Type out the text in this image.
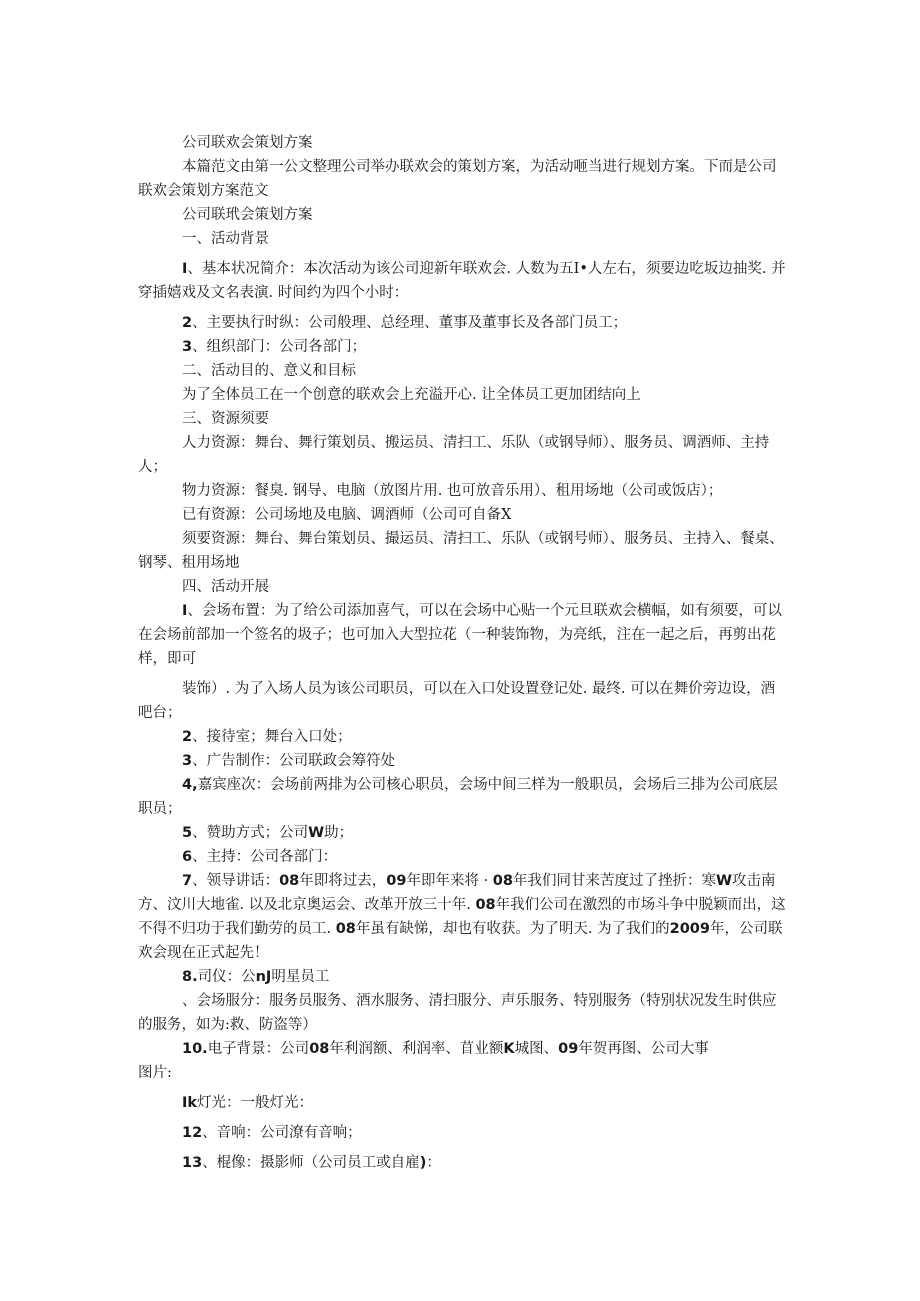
公司联欢会策划方案

本篇范文由第一公文整理公司举办联欢会的策划方案，为活动咂当进行规划方案。下而是公司联欢会策划方案范文

公司联玳会策划方案

一、活动背景

I、基本状况简介：本次活动为该公司迎新年联欢会. 人数为五I•人左右，须要边吃坂边抽奖. 并穿插嬉戏及文名表演. 时间约为四个小时：

2、主要执行时纵：公司般理、总经理、董事及董事长及各部门员工；

3、组织部门：公司各部门；

二、活动目的、意义和目标

为了全体员工在一个创意的联欢会上充溢开心. 让全体员工更加团结向上

三、资源须要

人力资源：舞台、舞行策划员、搬运员、清扫工、乐队（或钢导师）、服务员、调酒师、主持人；

物力资源：餐臭. 钢导、电脑（放图片用. 也可放音乐用）、租用场地（公司或饭店）；

已有资源：公司场地及电脑、调酒师（公司可自备X

须要资源：舞台、舞台策划员、撮运员、清扫工、乐队（或钢号师）、服务员、主持入、餐桌、钢琴、租用场地

四、活动开展

I、会场布置：为了给公司添加喜气，可以在会场中心贴一个元旦联欢会横幅，如有须要，可以在会场前部加一个签名的圾子；也可加入大型拉花（一种装饰物，为亮纸，注在一起之后，再剪出花样，即可

装饰）. 为了入场人员为该公司职员，可以在入口处设置登记处. 最终. 可以在舞价旁边设，酒吧台；

2、接待室；舞台入口处；

3、广告制作：公司联政会筹符处

4,嘉宾座次：会场前两排为公司核心职员，会场中间三样为一般职员，会场后三排为公司底层职员；

5、赞助方式；公司W助；

6、主持：公司各部门：

7、领导讲话：08年即将过去，09年即年来将 · 08年我们同甘来苦度过了挫折：寒W攻击南方、汶川大地雀. 以及北京奥运会、改革开放三十年. 08年我们公司在激烈的市场斗争中脱颖而出，这不得不归功于我们勤劳的员工. 08年虽有缺悌，却也有收获。为了明天. 为了我们的2009年，公司联欢会现在正式起先！

8.司仪：公nJ明星员工

、会场服分：服务员服务、酒水服务、清扫服分、声乐服务、特别服务（特别状况发生时供应的服务，如为:救、防盗等）

10.电子背景：公司08年利润额、利润率、苜业额K城图、09年贺再图、公司大事

图片:

Ik灯光：一般灯光：

12、音响：公司潦有音响；

13、棍像：摄影师（公司员工或自雇)：
